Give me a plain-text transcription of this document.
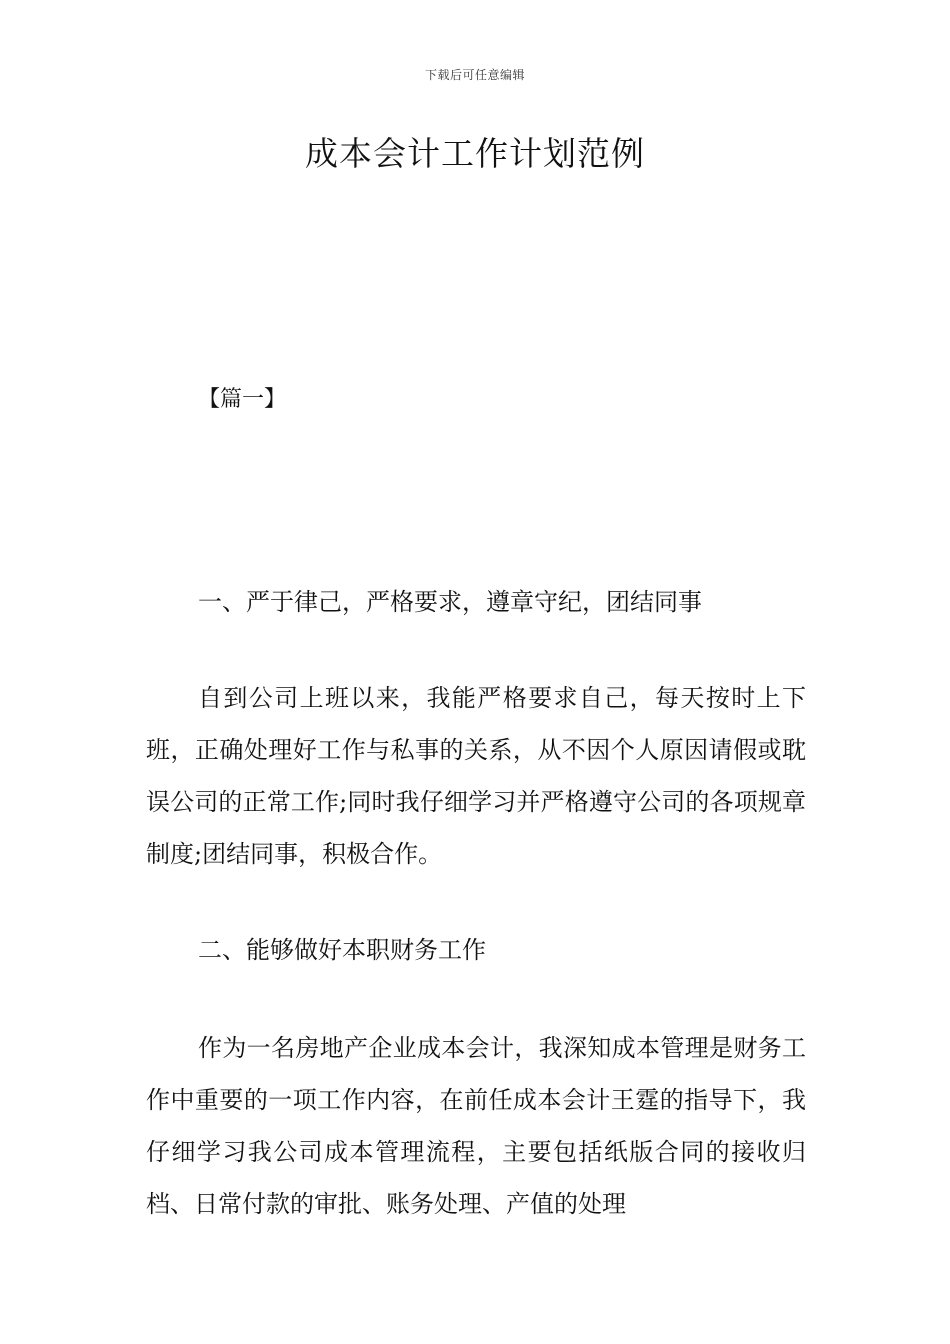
下载后可任意编辑
成本会计工作计划范例
【篇一】
一、严于律己，严格要求，遵章守纪，团结同事

自到公司上班以来，我能严格要求自己，每天按时上下班，正确处理好工作与私事的关系，从不因个人原因请假或耽误公司的正常工作;同时我仔细学习并严格遵守公司的各项规章制度;团结同事，积极合作。

二、能够做好本职财务工作

作为一名房地产企业成本会计，我深知成本管理是财务工作中重要的一项工作内容，在前任成本会计王霆的指导下，我仔细学习我公司成本管理流程，主要包括纸版合同的接收归档、日常付款的审批、账务处理、产值的处理
